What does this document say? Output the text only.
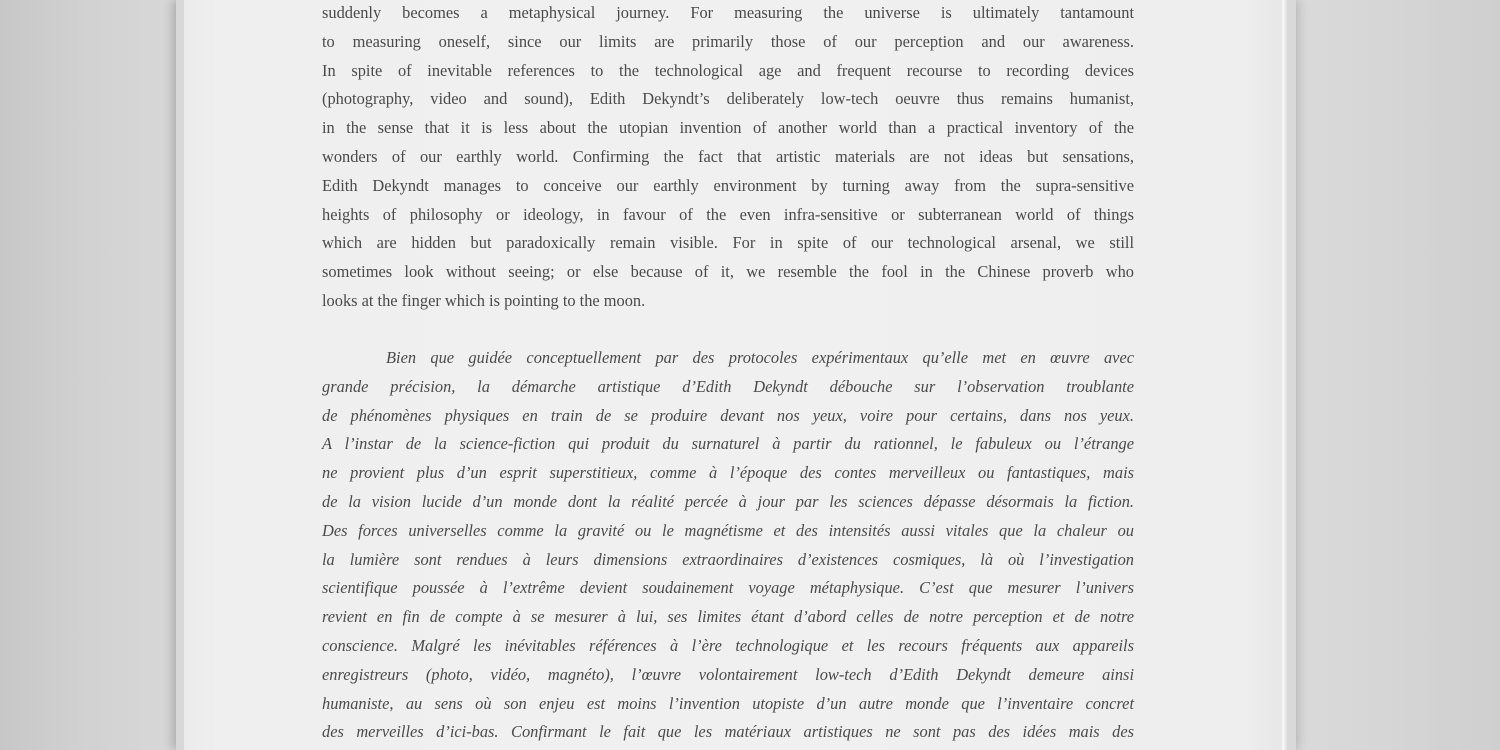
suddenly becomes a metaphysical journey. For measuring the universe is ultimately tantamount
to measuring oneself, since our limits are primarily those of our perception and our awareness.
In spite of inevitable references to the technological age and frequent recourse to recording devices
(photography, video and sound), Edith Dekyndt’s deliberately low-tech oeuvre thus remains humanist,
in the sense that it is less about the utopian invention of another world than a practical inventory of the
wonders of our earthly world. Confirming the fact that artistic materials are not ideas but sensations,
Edith Dekyndt manages to conceive our earthly environment by turning away from the supra-sensitive
heights of philosophy or ideology, in favour of the even infra-sensitive or subterranean world of things
which are hidden but paradoxically remain visible. For in spite of our technological arsenal, we still
sometimes look without seeing; or else because of it, we resemble the fool in the Chinese proverb who
looks at the finger which is pointing to the moon.
Bien que guidée conceptuellement par des protocoles expérimentaux qu’elle met en œuvre avec
grande précision, la démarche artistique d’Edith Dekyndt débouche sur l’observation troublante
de phénomènes physiques en train de se produire devant nos yeux, voire pour certains, dans nos yeux.
A l’instar de la science-fiction qui produit du surnaturel à partir du rationnel, le fabuleux ou l’étrange
ne provient plus d’un esprit superstitieux, comme à l’époque des contes merveilleux ou fantastiques, mais
de la vision lucide d’un monde dont la réalité percée à jour par les sciences dépasse désormais la fiction.
Des forces universelles comme la gravité ou le magnétisme et des intensités aussi vitales que la chaleur ou
la lumière sont rendues à leurs dimensions extraordinaires d’existences cosmiques, là où l’investigation
scientifique poussée à l’extrême devient soudainement voyage métaphysique. C’est que mesurer l’univers
revient en fin de compte à se mesurer à lui, ses limites étant d’abord celles de notre perception et de notre
conscience. Malgré les inévitables références à l’ère technologique et les recours fréquents aux appareils
enregistreurs (photo, vidéo, magnéto), l’œuvre volontairement low-tech d’Edith Dekyndt demeure ainsi
humaniste, au sens où son enjeu est moins l’invention utopiste d’un autre monde que l’inventaire concret
des merveilles d’ici-bas. Confirmant le fait que les matériaux artistiques ne sont pas des idées mais des
